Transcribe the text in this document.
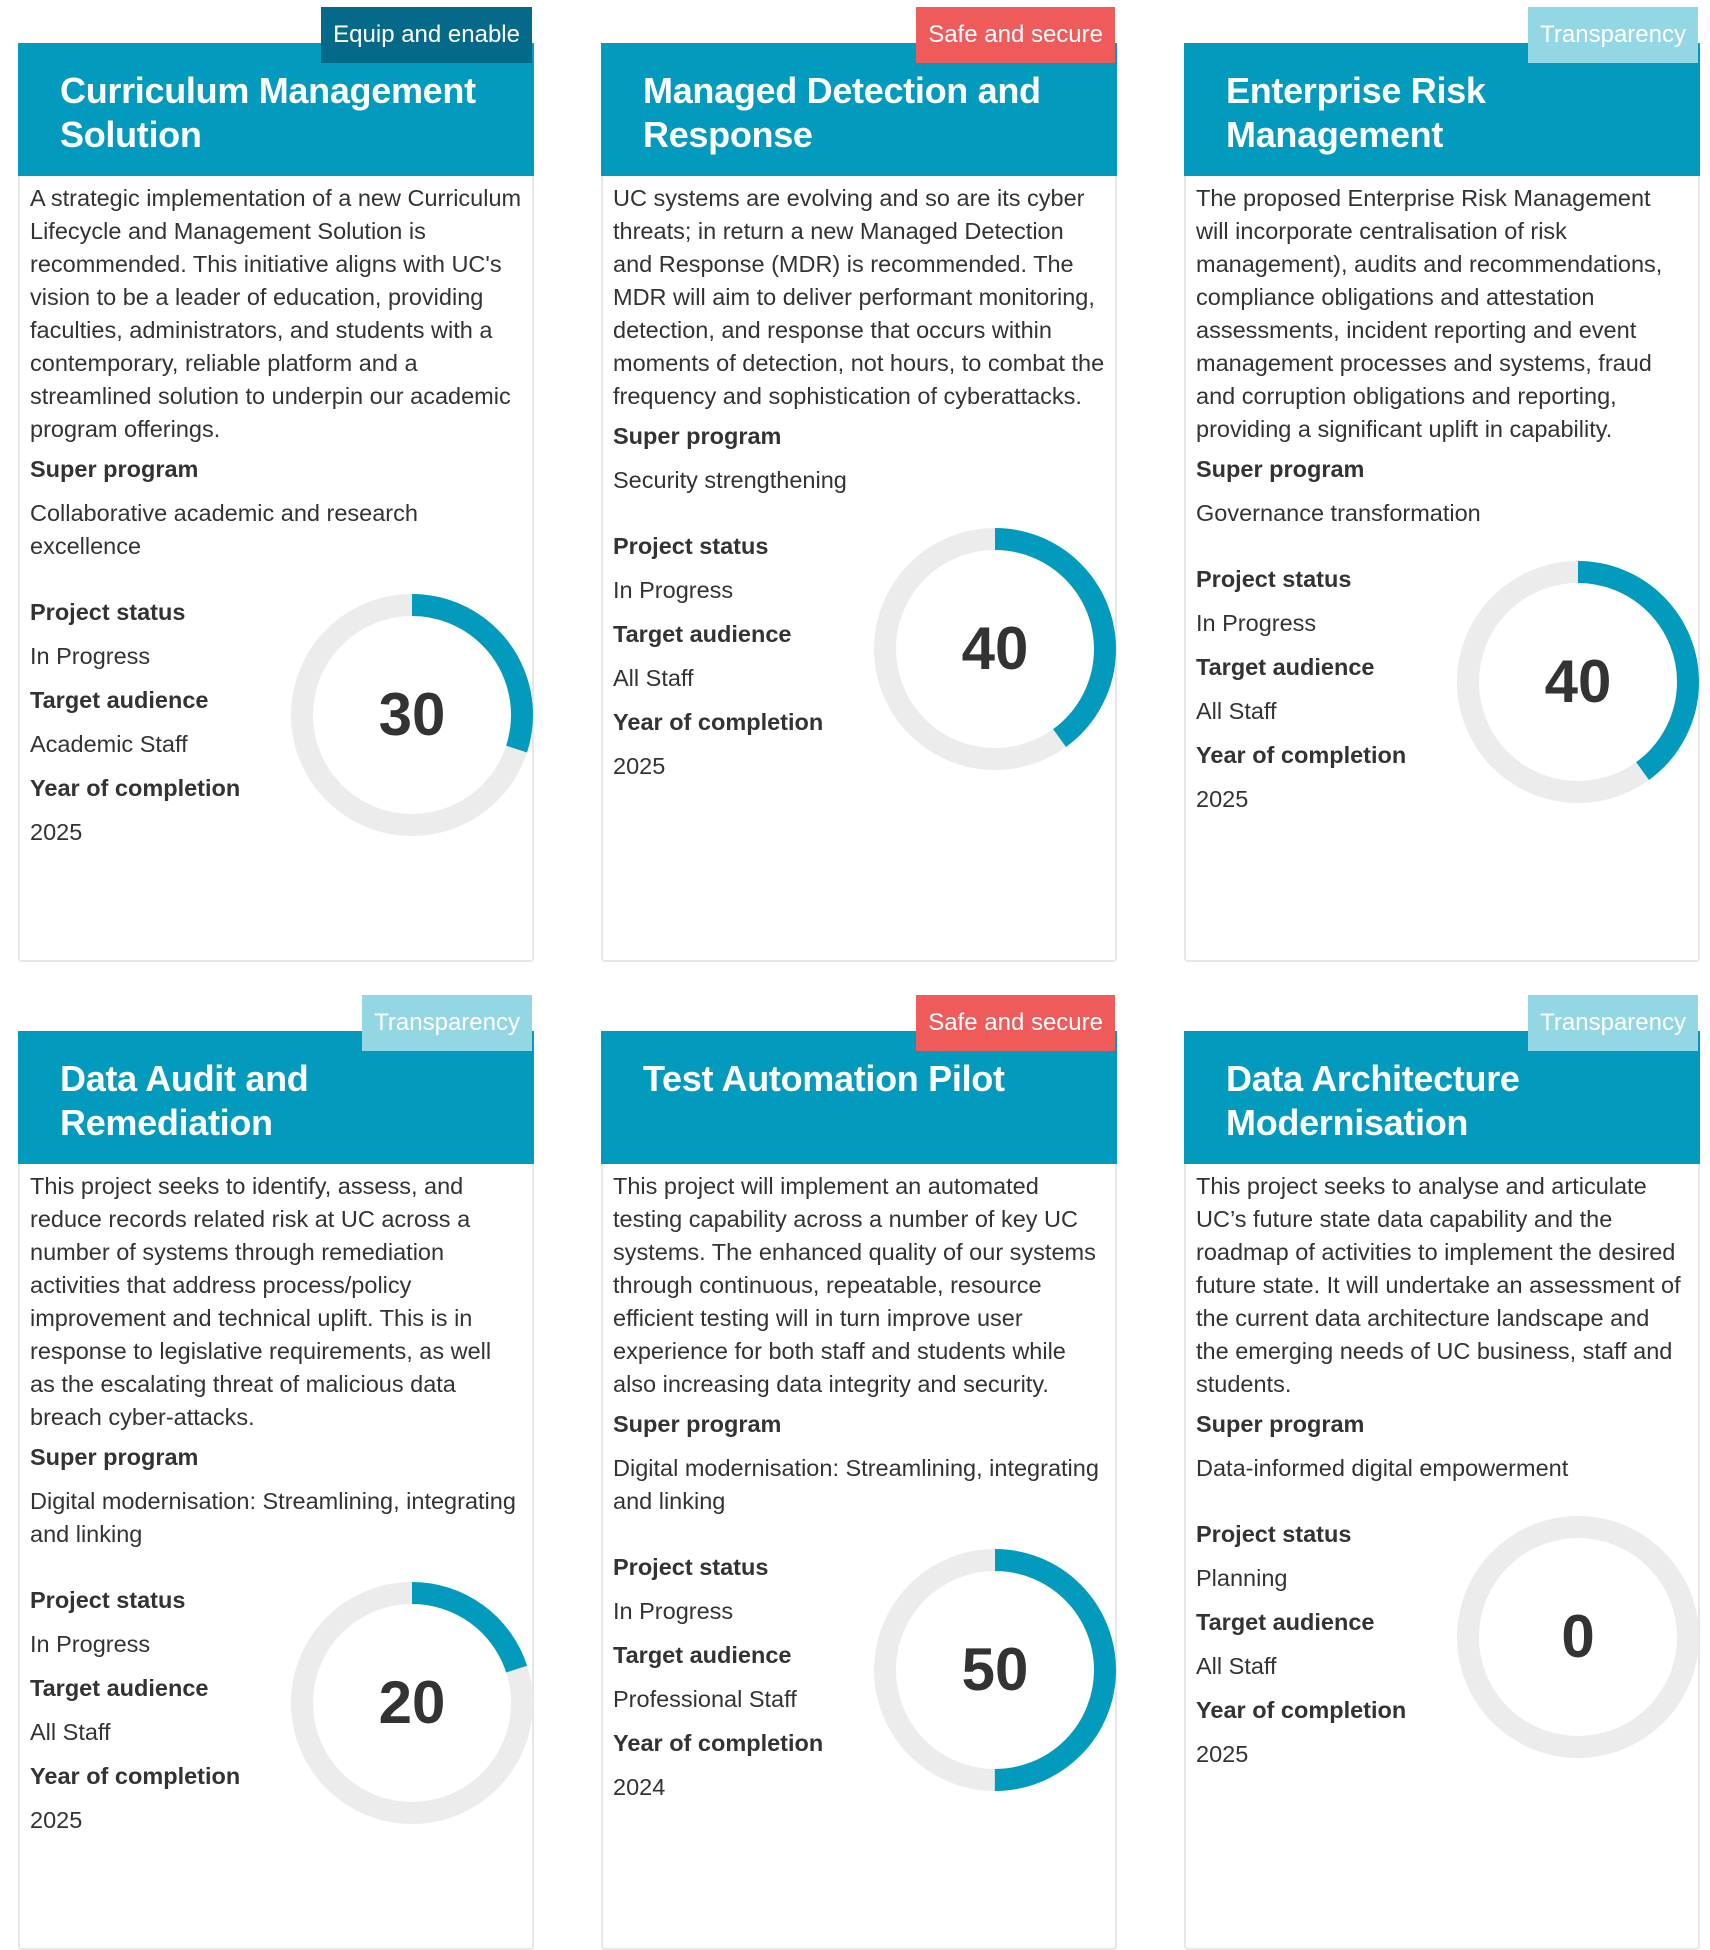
Curriculum Management Solution
Equip and enable

A strategic implementation of a new Curriculum Lifecycle and Management Solution is recommended. This initiative aligns with UC's vision to be a leader of education, providing faculties, administrators, and students with a contemporary, reliable platform and a streamlined solution to underpin our academic program offerings.

Super program

Collaborative academic and research excellence

Project status

In Progress

Target audience

Academic Staff

Year of completion

2025

30
Managed Detection and Response
Safe and secure

UC systems are evolving and so are its cyber threats; in return a new Managed Detection and Response (MDR) is recommended. The MDR will aim to deliver performant monitoring, detection, and response that occurs within moments of detection, not hours, to combat the frequency and sophistication of cyberattacks.

Super program

Security strengthening

Project status

In Progress

Target audience

All Staff

Year of completion

2025

40
Enterprise Risk Management
Transparency

The proposed Enterprise Risk Management will incorporate centralisation of risk management), audits and recommendations, compliance obligations and attestation assessments, incident reporting and event management processes and systems, fraud and corruption obligations and reporting, providing a significant uplift in capability.

Super program

Governance transformation

Project status

In Progress

Target audience

All Staff

Year of completion

2025

40
Data Audit and Remediation
Transparency

This project seeks to identify, assess, and reduce records related risk at UC across a number of systems through remediation activities that address process/policy improvement and technical uplift. This is in response to legislative requirements, as well as the escalating threat of malicious data breach cyber-attacks.

Super program

Digital modernisation: Streamlining, integrating and linking

Project status

In Progress

Target audience

All Staff

Year of completion

2025

20
Test Automation Pilot
Safe and secure

This project will implement an automated testing capability across a number of key UC systems. The enhanced quality of our systems through continuous, repeatable, resource efficient testing will in turn improve user experience for both staff and students while also increasing data integrity and security.

Super program

Digital modernisation: Streamlining, integrating and linking

Project status

In Progress

Target audience

Professional Staff

Year of completion

2024

50
Data Architecture Modernisation
Transparency

This project seeks to analyse and articulate UC’s future state data capability and the roadmap of activities to implement the desired future state. It will undertake an assessment of the current data architecture landscape and the emerging needs of UC business, staff and students.

Super program

Data-informed digital empowerment

Project status

Planning

Target audience

All Staff

Year of completion

2025

0
